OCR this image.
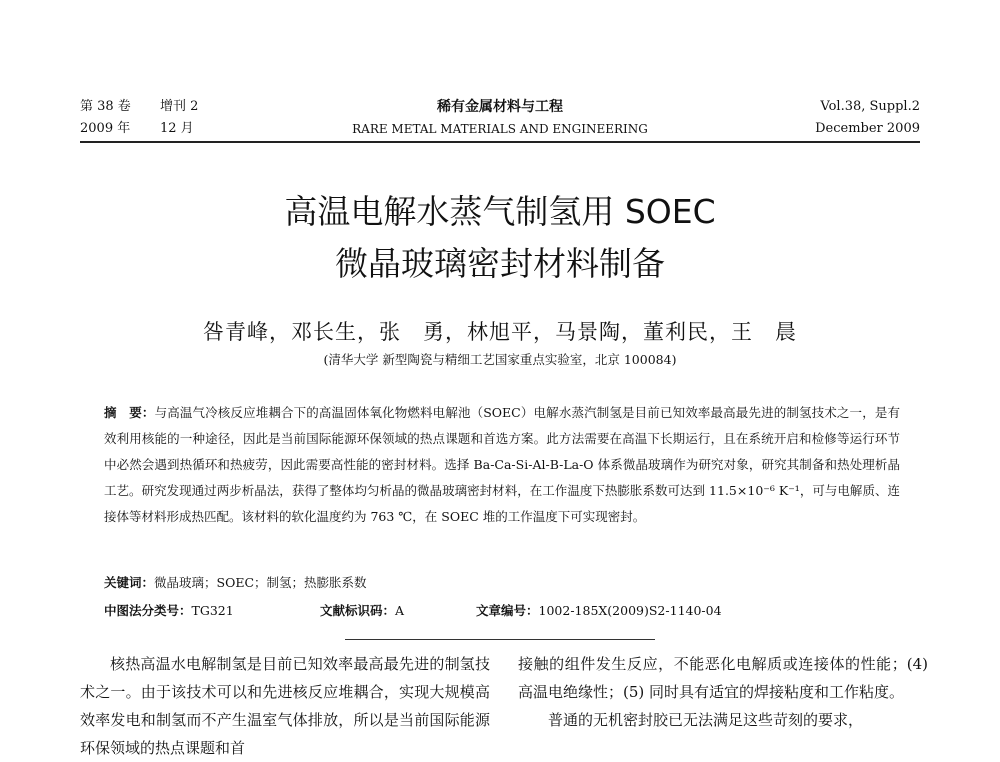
第 38 卷 增刊 2
2009 年 12 月
稀有金属材料与工程
RARE METAL MATERIALS AND ENGINEERING
Vol.38, Suppl.2
December 2009
高温电解水蒸气制氢用 SOEC
微晶玻璃密封材料制备
咎青峰，邓长生，张　勇，林旭平，马景陶，董利民，王　晨
(清华大学 新型陶瓷与精细工艺国家重点实验室，北京 100084)
摘　要：与高温气冷核反应堆耦合下的高温固体氧化物燃料电解池（SOEC）电解水蒸汽制氢是目前已知效率最高最先进的制氢技术之一，是有效利用核能的一种途径，因此是当前国际能源环保领域的热点课题和首选方案。此方法需要在高温下长期运行，且在系统开启和检修等运行环节中必然会遇到热循环和热疲劳，因此需要高性能的密封材料。选择 Ba-Ca-Si-Al-B-La-O 体系微晶玻璃作为研究对象，研究其制备和热处理析晶工艺。研究发现通过两步析晶法，获得了整体均匀析晶的微晶玻璃密封材料，在工作温度下热膨胀系数可达到 11.5×10⁻⁶ K⁻¹，可与电解质、连接体等材料形成热匹配。该材料的软化温度约为 763 ℃，在 SOEC 堆的工作温度下可实现密封。
关键词：微晶玻璃；SOEC；制氢；热膨胀系数
中图法分类号：TG321	文献标识码：A	文章编号：1002-185X(2009)S2-1140-04

核热高温水电解制氢是目前已知效率最高最先进的制氢技术之一。由于该技术可以和先进核反应堆耦合，实现大规模高效率发电和制氢而不产生温室气体排放，所以是当前国际能源环保领域的热点课题和首

接触的组件发生反应，不能恶化电解质或连接体的性能；(4) 高温电绝缘性；(5) 同时具有适宜的焊接粘度和工作粘度。

普通的无机密封胶已无法满足这些苛刻的要求，
